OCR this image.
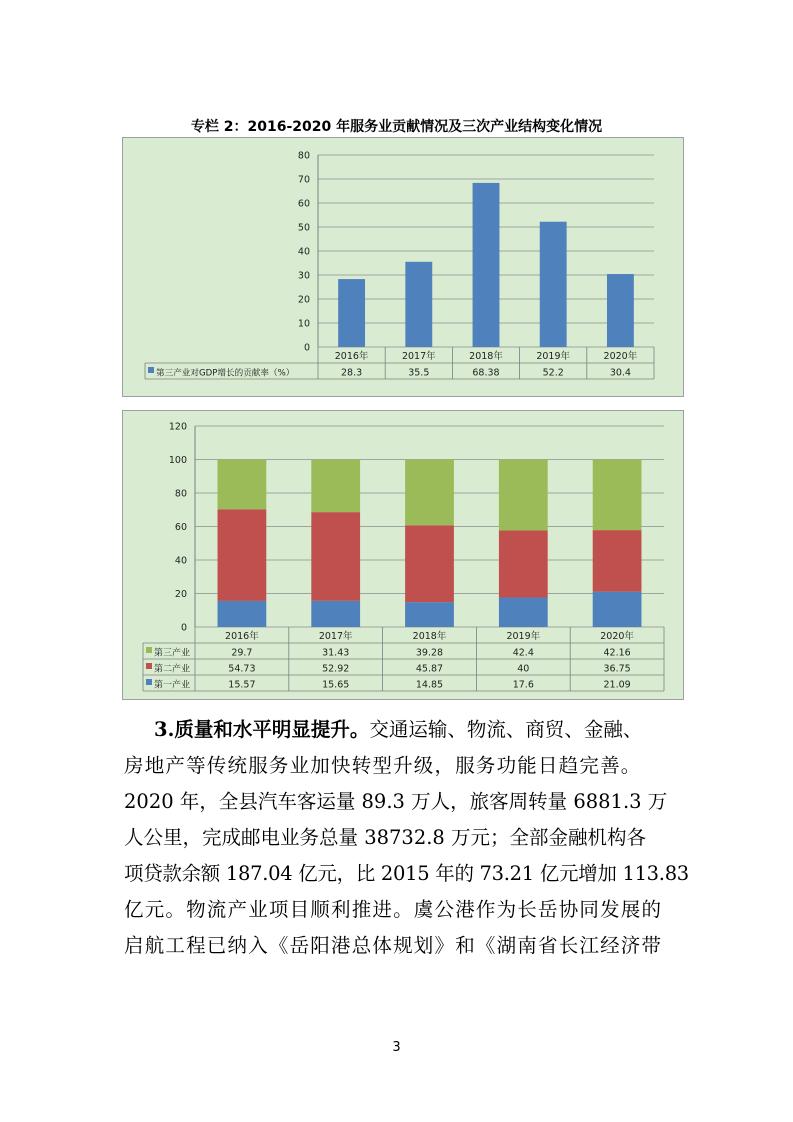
专栏 2：2016-2020 年服务业贡献情况及三次产业结构变化情况
0
10
20
30
40
50
60
70
80
2016年	2017年	2018年	2019年	2020年
第三产业对GDP增长的贡献率（%）	28.3	35.5	68.38	52.2	30.4
0
20
40
60
80
100
120
2016年	2017年	2018年	2019年	2020年
第三产业	29.7	31.43	39.28	42.4	42.16
第二产业	54.73	52.92	45.87	40	36.75
第一产业	15.57	15.65	14.85	17.6	21.09
3.质量和水平明显提升。交通运输、物流、商贸、金融、
房地产等传统服务业加快转型升级，服务功能日趋完善。
2020 年，全县汽车客运量 89.3 万人，旅客周转量 6881.3 万
人公里，完成邮电业务总量 38732.8 万元；全部金融机构各
项贷款余额 187.04 亿元，比 2015 年的 73.21 亿元增加 113.83
亿元。物流产业项目顺利推进。虞公港作为长岳协同发展的
启航工程已纳入《岳阳港总体规划》和《湖南省长江经济带
3
